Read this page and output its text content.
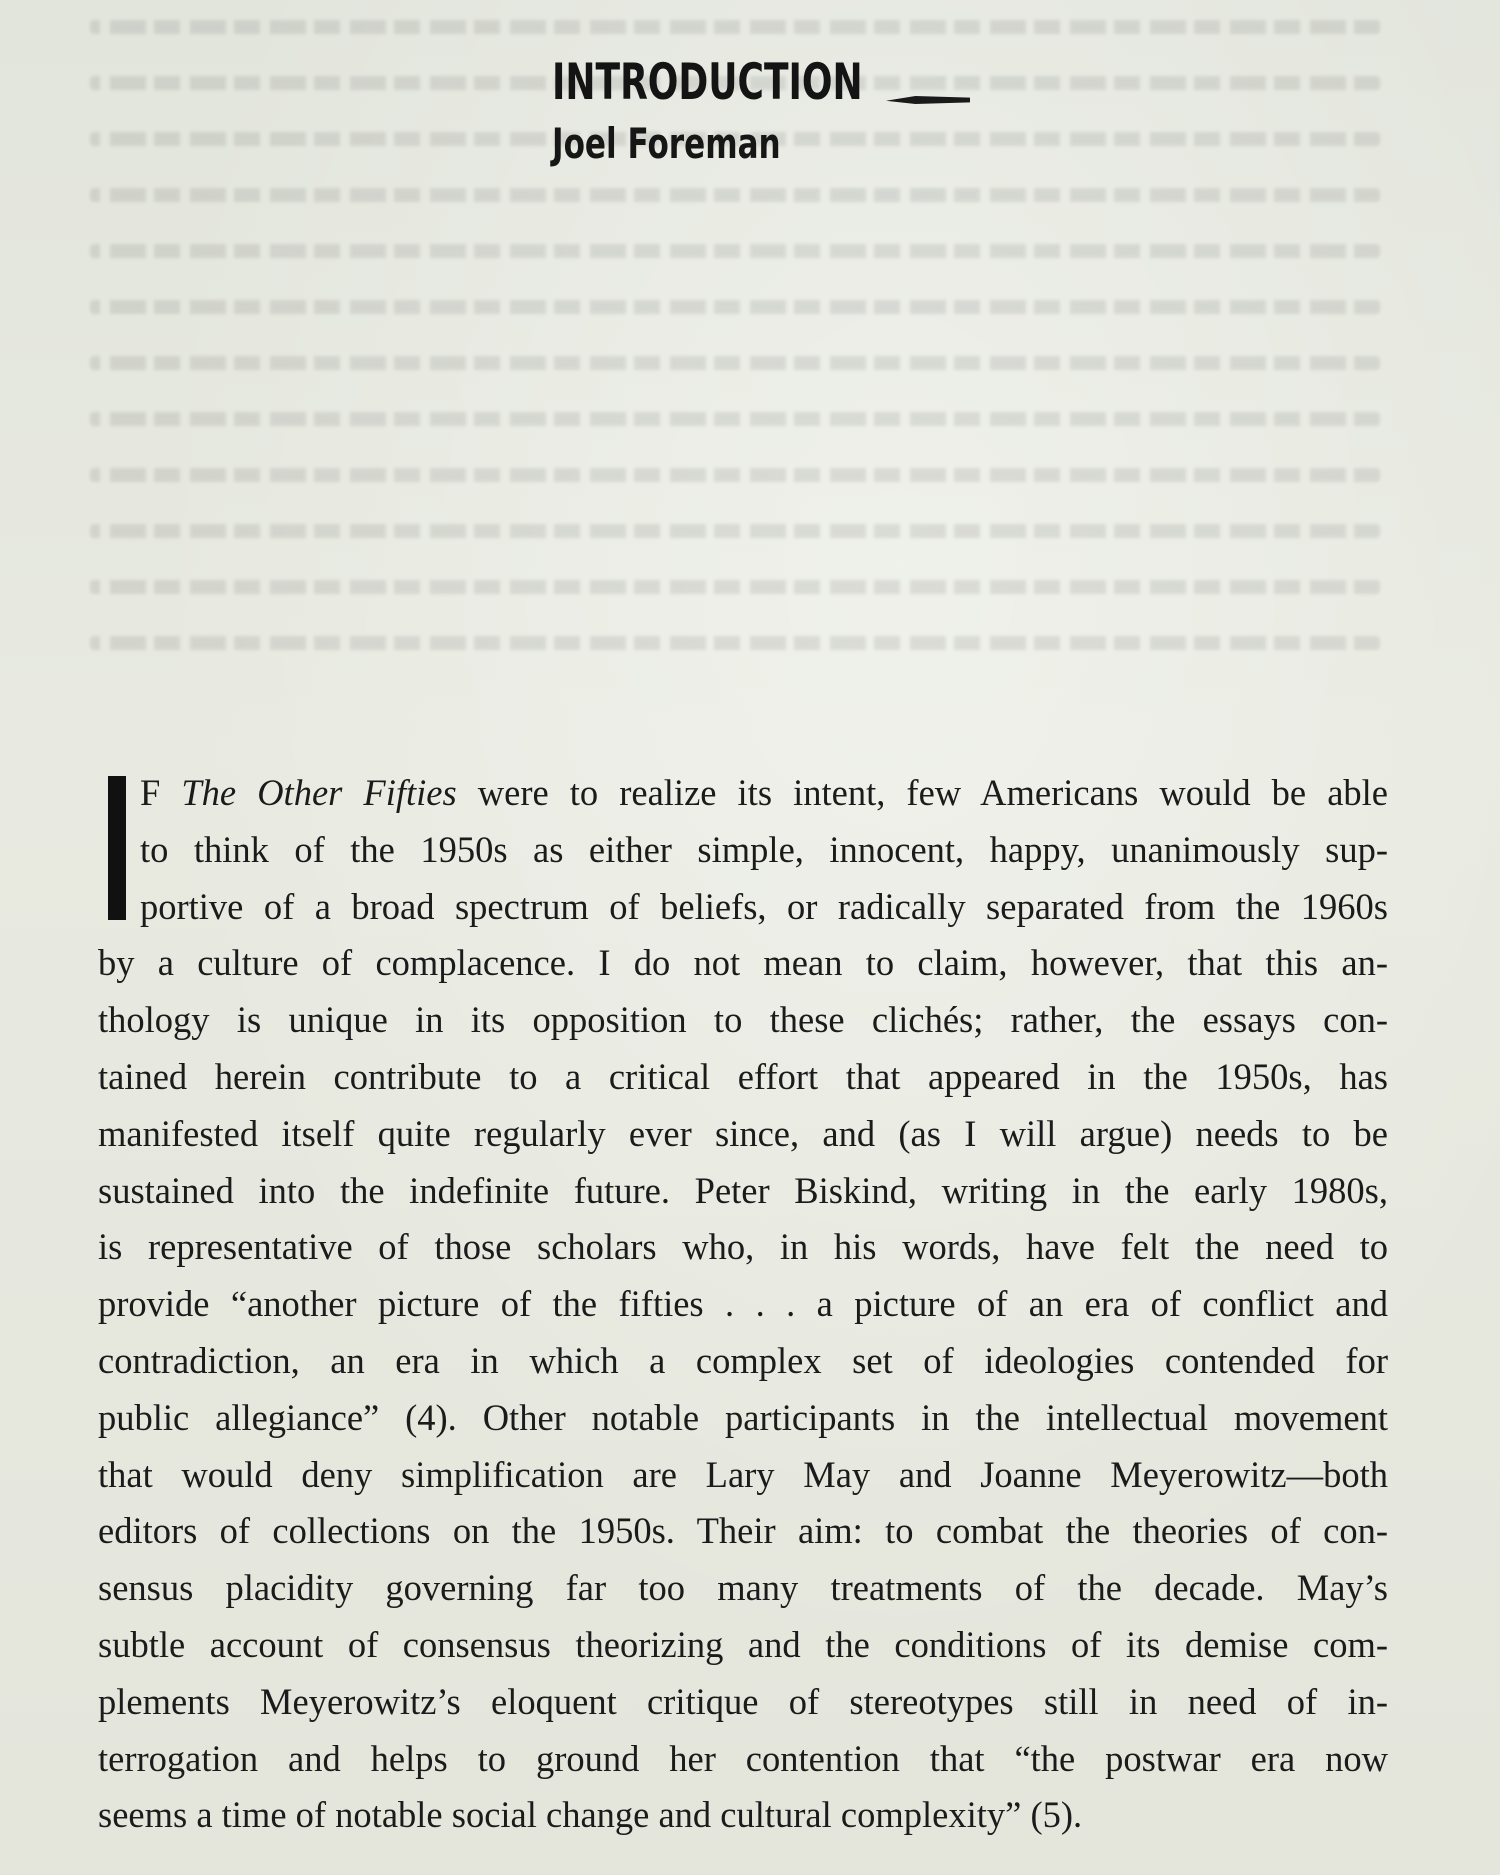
INTRODUCTION
Joel Foreman
F The Other Fifties were to realize its intent, few Americans would be able
to think of the 1950s as either simple, innocent, happy, unanimously sup-
portive of a broad spectrum of beliefs, or radically separated from the 1960s
by a culture of complacence. I do not mean to claim, however, that this an-
thology is unique in its opposition to these clichés; rather, the essays con-
tained herein contribute to a critical effort that appeared in the 1950s, has
manifested itself quite regularly ever since, and (as I will argue) needs to be
sustained into the indefinite future. Peter Biskind, writing in the early 1980s,
is representative of those scholars who, in his words, have felt the need to
provide “another picture of the fifties . . . a picture of an era of conflict and
contradiction, an era in which a complex set of ideologies contended for
public allegiance” (4). Other notable participants in the intellectual movement
that would deny simplification are Lary May and Joanne Meyerowitz—both
editors of collections on the 1950s. Their aim: to combat the theories of con-
sensus placidity governing far too many treatments of the decade. May’s
subtle account of consensus theorizing and the conditions of its demise com-
plements Meyerowitz’s eloquent critique of stereotypes still in need of in-
terrogation and helps to ground her contention that “the postwar era now
seems a time of notable social change and cultural complexity” (5).
